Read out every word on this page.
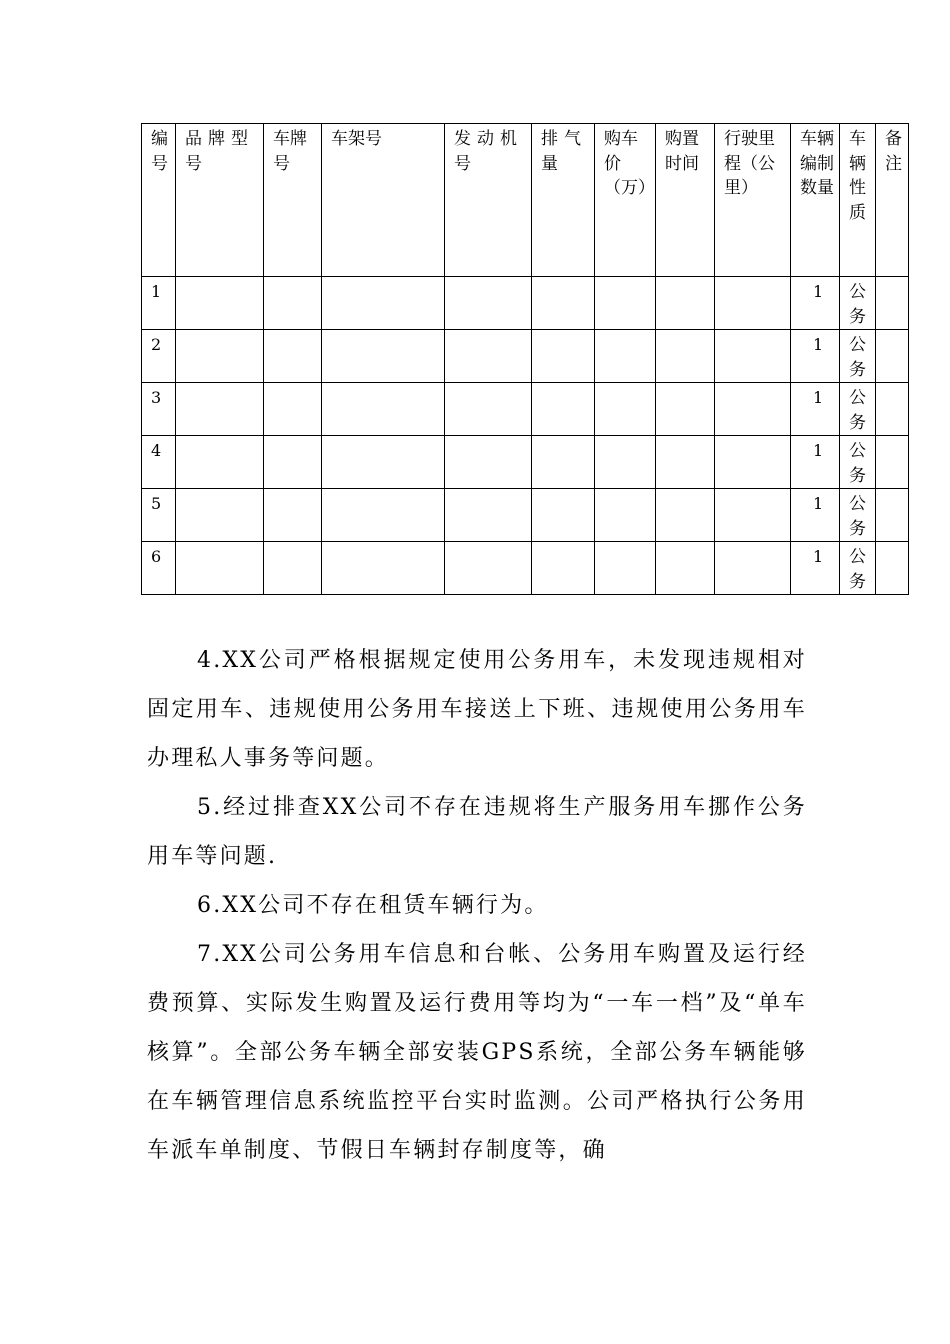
编号	品牌型号	车牌号	车架号	发动机号	排气量	购车价（万）	购置时间	行驶里程（公里）	车辆编制数量	车辆性质	备注
1									1	公务	
2									1	公务	
3									1	公务	
4									1	公务	
5									1	公务	
6									1	公务	

4.XX公司严格根据规定使用公务用车，未发现违规相对固定用车、违规使用公务用车接送上下班、违规使用公务用车办理私人事务等问题。

5.经过排查XX公司不存在违规将生产服务用车挪作公务用车等问题.

6.XX公司不存在租赁车辆行为。

7.XX公司公务用车信息和台帐、公务用车购置及运行经费预算、实际发生购置及运行费用等均为“一车一档”及“单车核算”。全部公务车辆全部安装GPS系统，全部公务车辆能够在车辆管理信息系统监控平台实时监测。公司严格执行公务用车派车单制度、节假日车辆封存制度等，确
